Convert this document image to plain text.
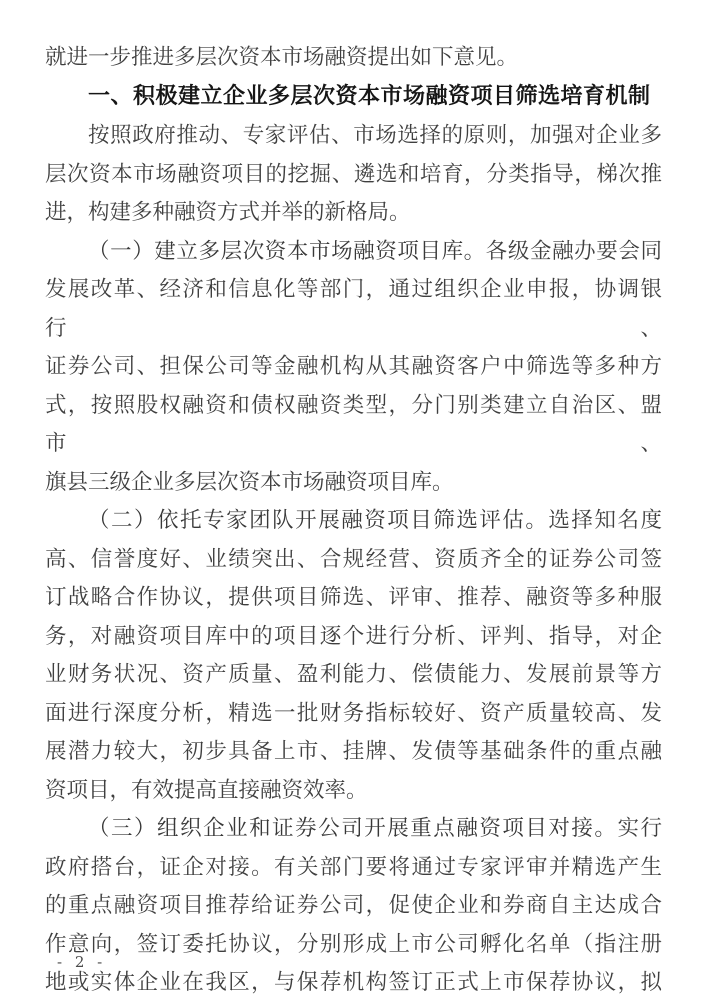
就进一步推进多层次资本市场融资提出如下意见。
一、积极建立企业多层次资本市场融资项目筛选培育机制
按照政府推动、专家评估、市场选择的原则，加强对企业多
层次资本市场融资项目的挖掘、遴选和培育，分类指导，梯次推
进，构建多种融资方式并举的新格局。
（一）建立多层次资本市场融资项目库。各级金融办要会同
发展改革、经济和信息化等部门，通过组织企业申报，协调银行、
证券公司、担保公司等金融机构从其融资客户中筛选等多种方
式，按照股权融资和债权融资类型，分门别类建立自治区、盟市、
旗县三级企业多层次资本市场融资项目库。
（二）依托专家团队开展融资项目筛选评估。选择知名度
高、信誉度好、业绩突出、合规经营、资质齐全的证券公司签
订战略合作协议，提供项目筛选、评审、推荐、融资等多种服
务，对融资项目库中的项目逐个进行分析、评判、指导，对企
业财务状况、资产质量、盈利能力、偿债能力、发展前景等方
面进行深度分析，精选一批财务指标较好、资产质量较高、发
展潜力较大，初步具备上市、挂牌、发债等基础条件的重点融
资项目，有效提高直接融资效率。
（三）组织企业和证券公司开展重点融资项目对接。实行
政府搭台，证企对接。有关部门要将通过专家评审并精选产生
的重点融资项目推荐给证券公司，促使企业和券商自主达成合
作意向，签订委托协议，分别形成上市公司孵化名单（指注册
地或实体企业在我区，与保荐机构签订正式上市保荐协议，拟
- 2 -
